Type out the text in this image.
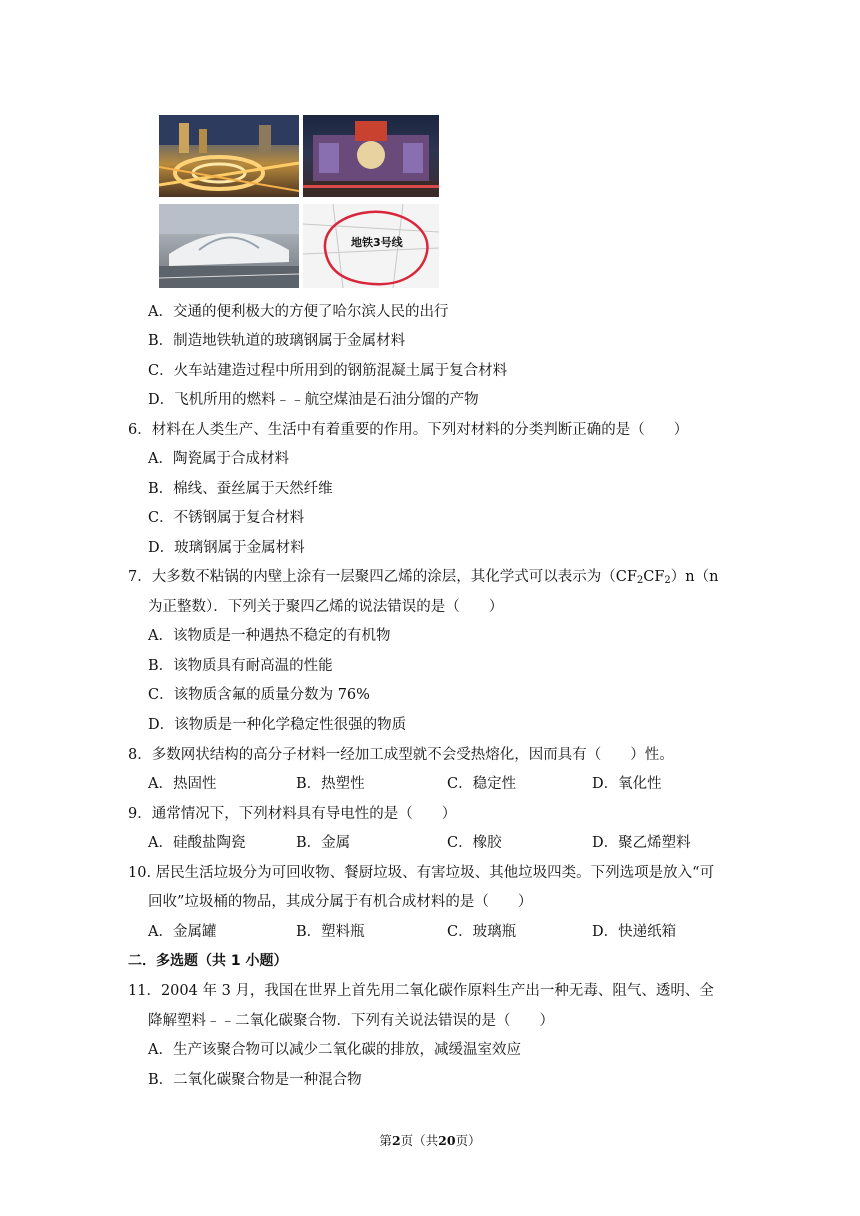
地铁3号线
A．交通的便利极大的方便了哈尔滨人民的出行
B．制造地铁轨道的玻璃钢属于金属材料
C．火车站建造过程中所用到的钢筋混凝土属于复合材料
D．飞机所用的燃料﹣﹣航空煤油是石油分馏的产物
6．材料在人类生产、生活中有着重要的作用。下列对材料的分类判断正确的是（　　）
A．陶瓷属于合成材料
B．棉线、蚕丝属于天然纤维
C．不锈钢属于复合材料
D．玻璃钢属于金属材料
7．大多数不粘锅的内壁上涂有一层聚四乙烯的涂层，其化学式可以表示为$(CF_2CF_2)n(n$
为正整数）．下列关于聚四乙烯的说法错误的是（　　）
A．该物质是一种遇热不稳定的有机物
B．该物质具有耐高温的性能
C．该物质含氟的质量分数为 76%
D．该物质是一种化学稳定性很强的物质
8．多数网状结构的高分子材料一经加工成型就不会受热熔化，因而具有（　　）性。
A．热固性	B．热塑性	C．稳定性	D．氧化性
9．通常情况下，下列材料具有导电性的是（　　）
A．硅酸盐陶瓷	B．金属	C．橡胶	D．聚乙烯塑料
10. 居民生活垃圾分为可回收物、餐厨垃圾、有害垃圾、其他垃圾四类。下列选项是放入“可
回收”垃圾桶的物品，其成分属于有机合成材料的是（　　）
A．金属罐	B．塑料瓶	C．玻璃瓶	D．快递纸箱
二．多选题（共 1 小题）
11．2004 年 3 月，我国在世界上首先用二氧化碳作原料生产出一种无毒、阻气、透明、全
降解塑料﹣﹣二氧化碳聚合物．下列有关说法错误的是（　　）
A．生产该聚合物可以减少二氧化碳的排放，减缓温室效应
B．二氧化碳聚合物是一种混合物
第2页（共20页）
